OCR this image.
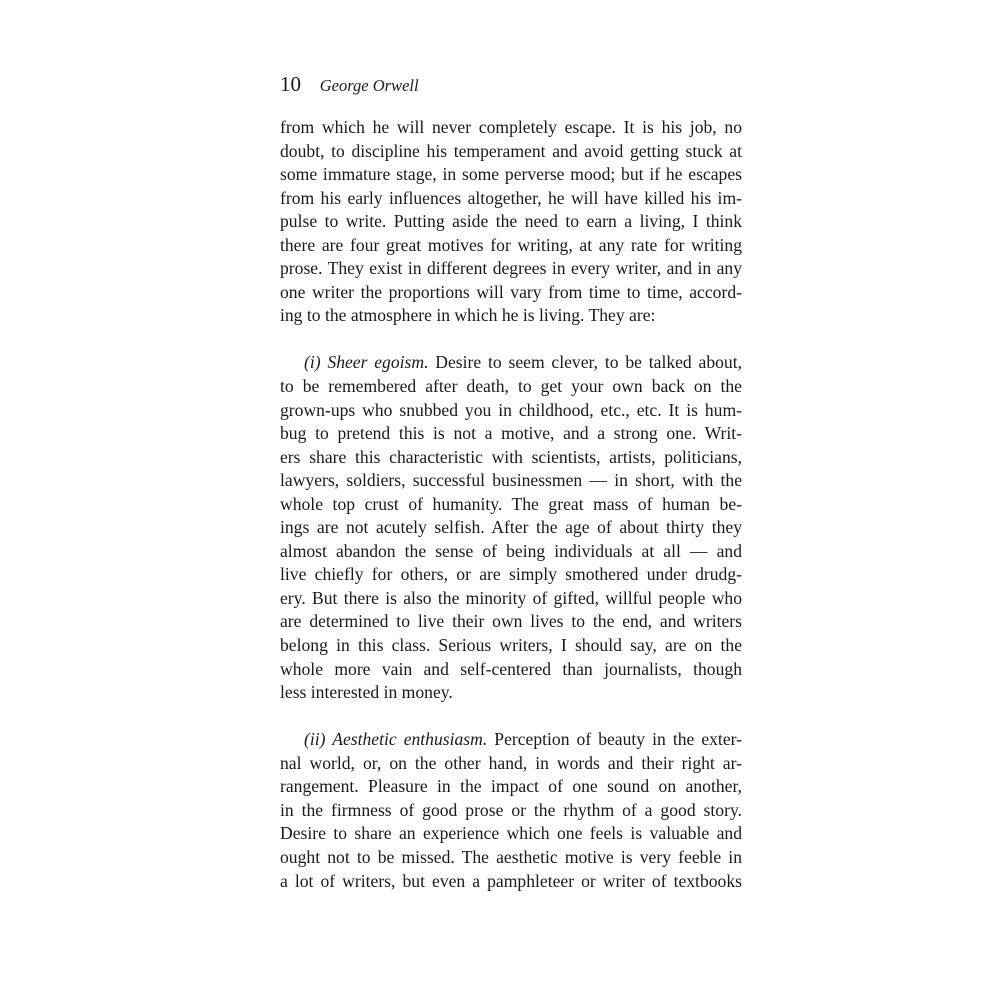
10 George Orwell
from which he will never completely escape. It is his job, no
doubt, to discipline his temperament and avoid getting stuck at
some immature stage, in some perverse mood; but if he escapes
from his early influences altogether, he will have killed his im-
pulse to write. Putting aside the need to earn a living, I think
there are four great motives for writing, at any rate for writing
prose. They exist in different degrees in every writer, and in any
one writer the proportions will vary from time to time, accord-
ing to the atmosphere in which he is living. They are:
(i) Sheer egoism. Desire to seem clever, to be talked about,
to be remembered after death, to get your own back on the
grown-ups who snubbed you in childhood, etc., etc. It is hum-
bug to pretend this is not a motive, and a strong one. Writ-
ers share this characteristic with scientists, artists, politicians,
lawyers, soldiers, successful businessmen — in short, with the
whole top crust of humanity. The great mass of human be-
ings are not acutely selfish. After the age of about thirty they
almost abandon the sense of being individuals at all — and
live chiefly for others, or are simply smothered under drudg-
ery. But there is also the minority of gifted, willful people who
are determined to live their own lives to the end, and writers
belong in this class. Serious writers, I should say, are on the
whole more vain and self-centered than journalists, though
less interested in money.
(ii) Aesthetic enthusiasm. Perception of beauty in the exter-
nal world, or, on the other hand, in words and their right ar-
rangement. Pleasure in the impact of one sound on another,
in the firmness of good prose or the rhythm of a good story.
Desire to share an experience which one feels is valuable and
ought not to be missed. The aesthetic motive is very feeble in
a lot of writers, but even a pamphleteer or writer of textbooks
